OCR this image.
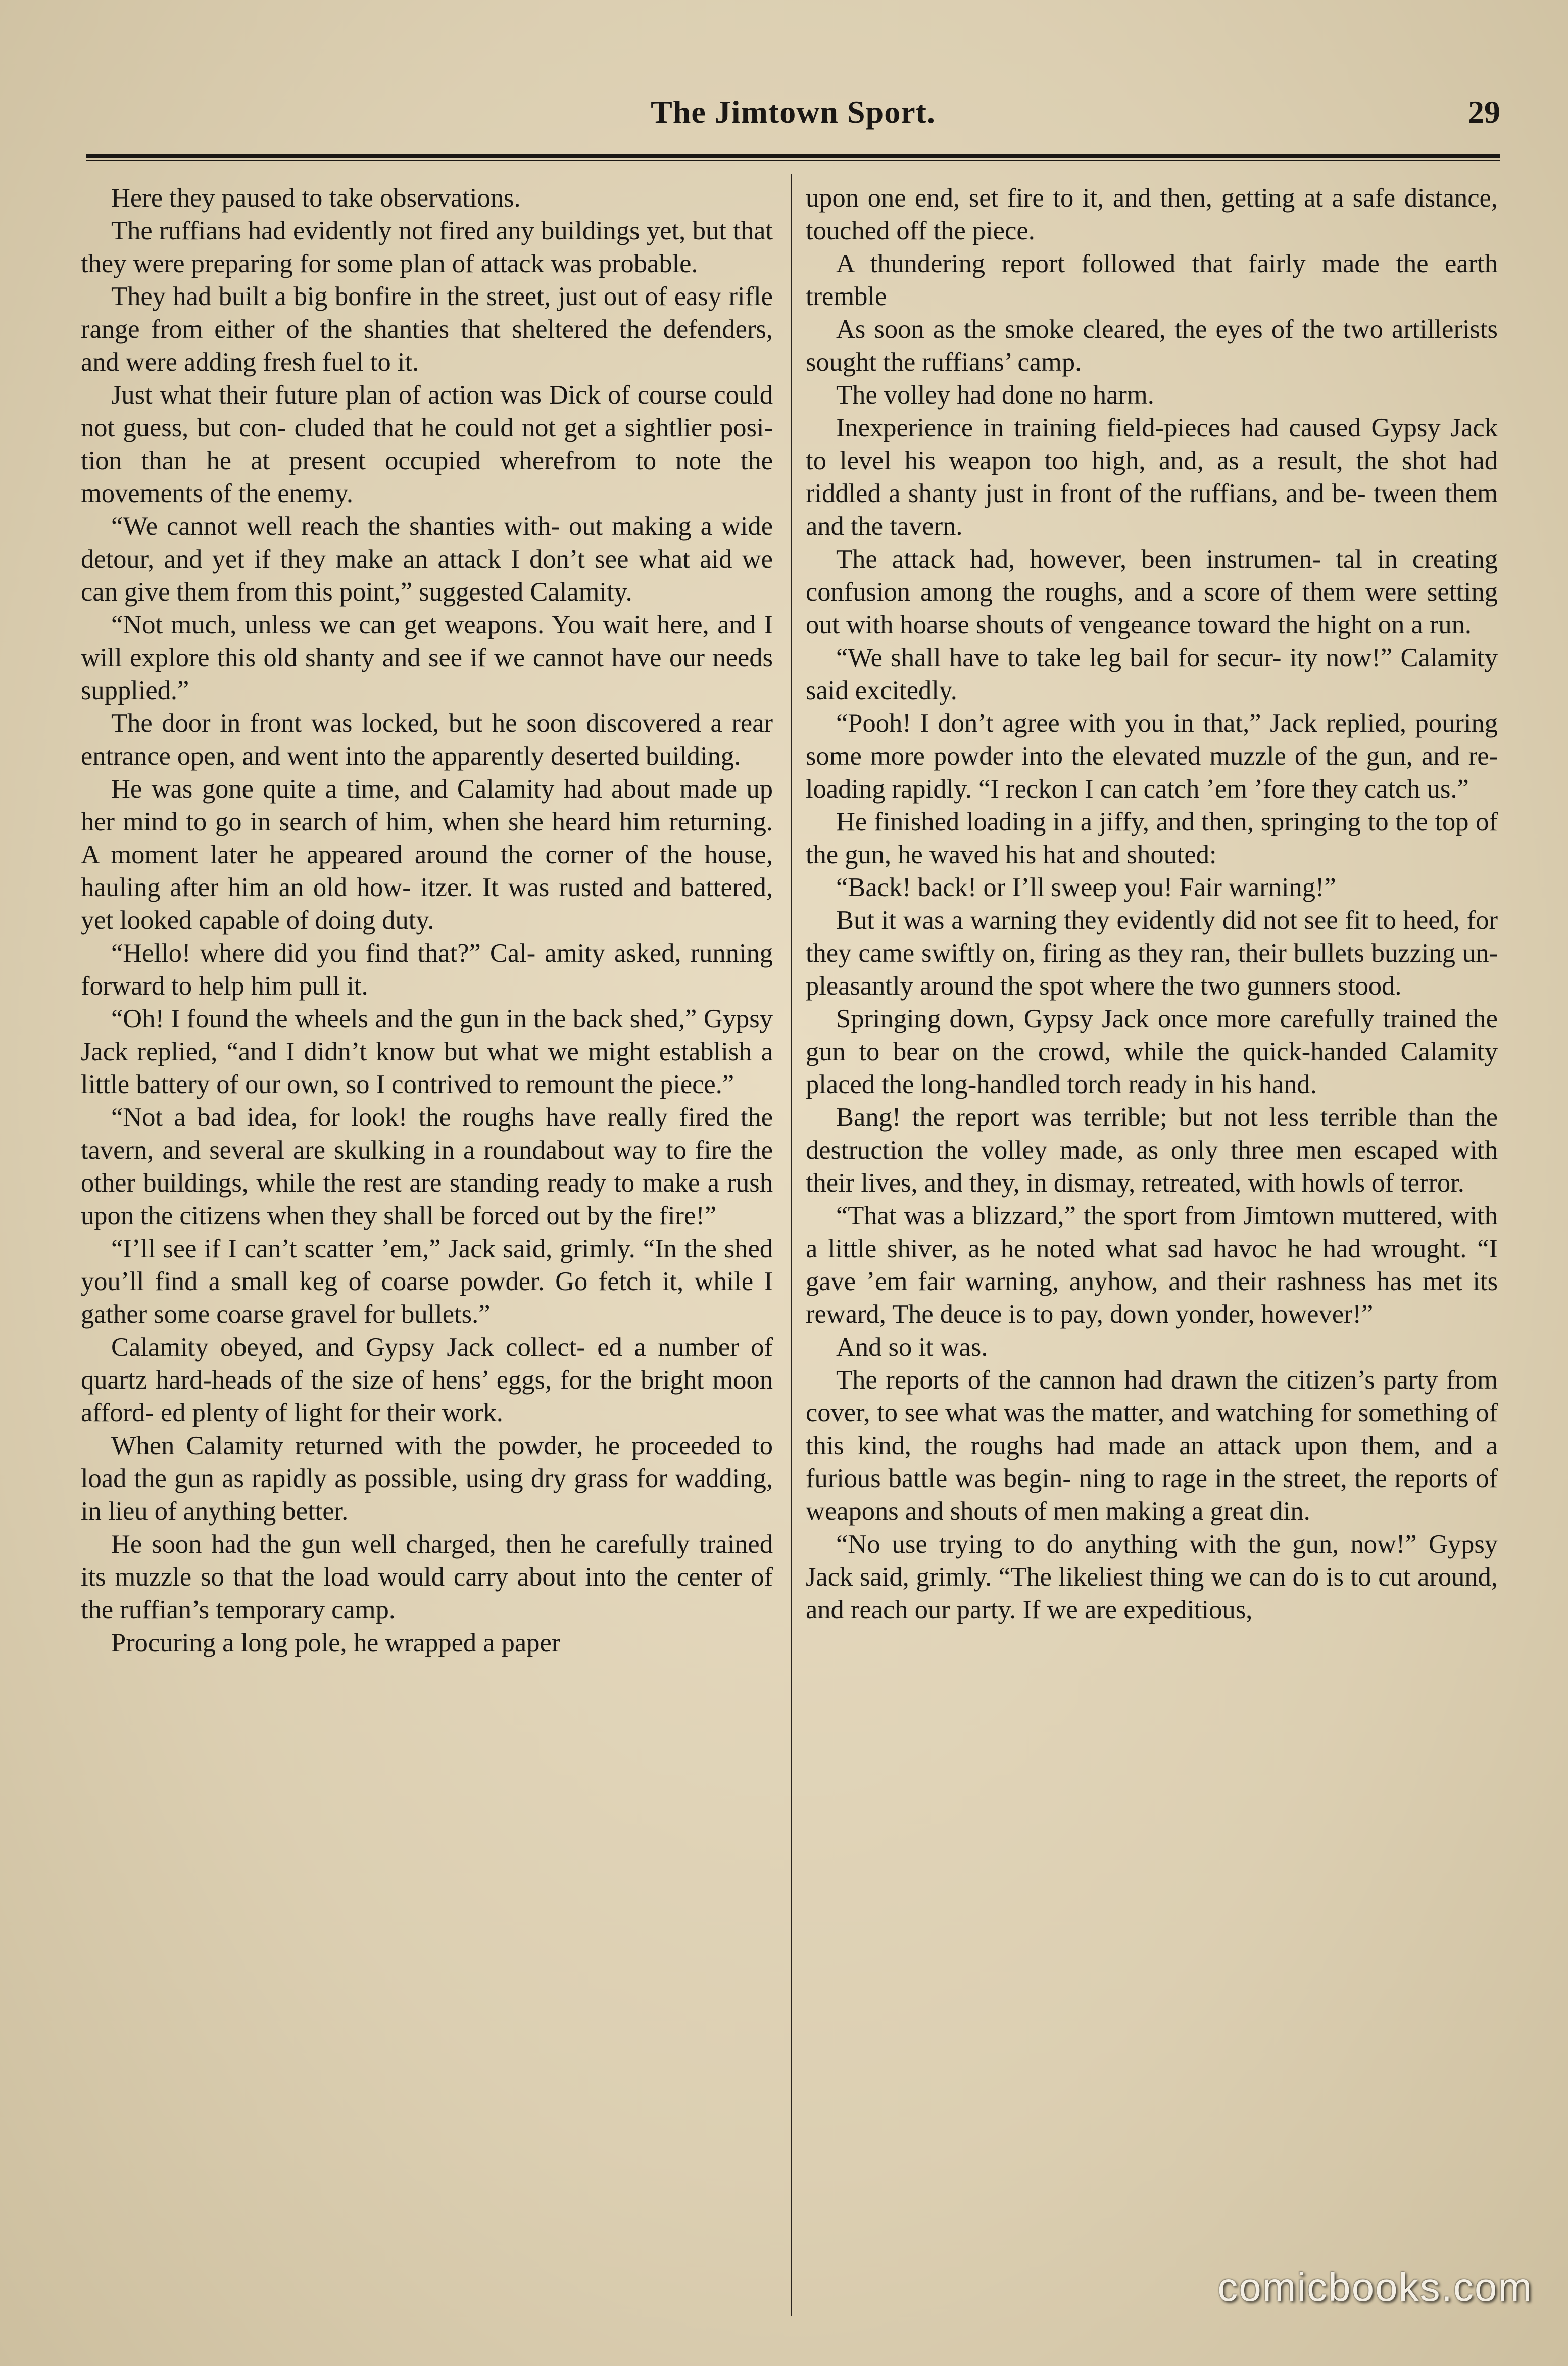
The Jimtown Sport.	29

Here they paused to take observations.

The ruffians had evidently not fired any buildings yet, but that they were preparing for some plan of attack was probable.

They had built a big bonfire in the street, just out of easy rifle range from either of the shanties that sheltered the defenders, and were adding fresh fuel to it.

Just what their future plan of action was Dick of course could not guess, but con- cluded that he could not get a sightlier posi- tion than he at present occupied wherefrom to note the movements of the enemy.

“We cannot well reach the shanties with- out making a wide detour, and yet if they make an attack I don’t see what aid we can give them from this point,” suggested Calamity.

“Not much, unless we can get weapons. You wait here, and I will explore this old shanty and see if we cannot have our needs supplied.”

The door in front was locked, but he soon discovered a rear entrance open, and went into the apparently deserted building.

He was gone quite a time, and Calamity had about made up her mind to go in search of him, when she heard him returning. A moment later he appeared around the corner of the house, hauling after him an old how- itzer. It was rusted and battered, yet looked capable of doing duty.

“Hello! where did you find that?” Cal- amity asked, running forward to help him pull it.

“Oh! I found the wheels and the gun in the back shed,” Gypsy Jack replied, “and I didn’t know but what we might establish a little battery of our own, so I contrived to remount the piece.”

“Not a bad idea, for look! the roughs have really fired the tavern, and several are skulking in a roundabout way to fire the other buildings, while the rest are standing ready to make a rush upon the citizens when they shall be forced out by the fire!”

“I’ll see if I can’t scatter ’em,” Jack said, grimly. “In the shed you’ll find a small keg of coarse powder. Go fetch it, while I gather some coarse gravel for bullets.”

Calamity obeyed, and Gypsy Jack collect- ed a number of quartz hard-heads of the size of hens’ eggs, for the bright moon afford- ed plenty of light for their work.

When Calamity returned with the powder, he proceeded to load the gun as rapidly as possible, using dry grass for wadding, in lieu of anything better.

He soon had the gun well charged, then he carefully trained its muzzle so that the load would carry about into the center of the ruffian’s temporary camp.

Procuring a long pole, he wrapped a paper

upon one end, set fire to it, and then, getting at a safe distance, touched off the piece.

A thundering report followed that fairly made the earth tremble

As soon as the smoke cleared, the eyes of the two artillerists sought the ruffians’ camp.

The volley had done no harm.

Inexperience in training field-pieces had caused Gypsy Jack to level his weapon too high, and, as a result, the shot had riddled a shanty just in front of the ruffians, and be- tween them and the tavern.

The attack had, however, been instrumen- tal in creating confusion among the roughs, and a score of them were setting out with hoarse shouts of vengeance toward the hight on a run.

“We shall have to take leg bail for secur- ity now!” Calamity said excitedly.

“Pooh! I don’t agree with you in that,” Jack replied, pouring some more powder into the elevated muzzle of the gun, and re- loading rapidly. “I reckon I can catch ’em ’fore they catch us.”

He finished loading in a jiffy, and then, springing to the top of the gun, he waved his hat and shouted:

“Back! back! or I’ll sweep you! Fair warning!”

But it was a warning they evidently did not see fit to heed, for they came swiftly on, firing as they ran, their bullets buzzing un- pleasantly around the spot where the two gunners stood.

Springing down, Gypsy Jack once more carefully trained the gun to bear on the crowd, while the quick-handed Calamity placed the long-handled torch ready in his hand.

Bang! the report was terrible; but not less terrible than the destruction the volley made, as only three men escaped with their lives, and they, in dismay, retreated, with howls of terror.

“That was a blizzard,” the sport from Jimtown muttered, with a little shiver, as he noted what sad havoc he had wrought. “I gave ’em fair warning, anyhow, and their rashness has met its reward, The deuce is to pay, down yonder, however!”

And so it was.

The reports of the cannon had drawn the citizen’s party from cover, to see what was the matter, and watching for something of this kind, the roughs had made an attack upon them, and a furious battle was begin- ning to rage in the street, the reports of weapons and shouts of men making a great din.

“No use trying to do anything with the gun, now!” Gypsy Jack said, grimly. “The likeliest thing we can do is to cut around, and reach our party. If we are expeditious,

comicbooks.com
